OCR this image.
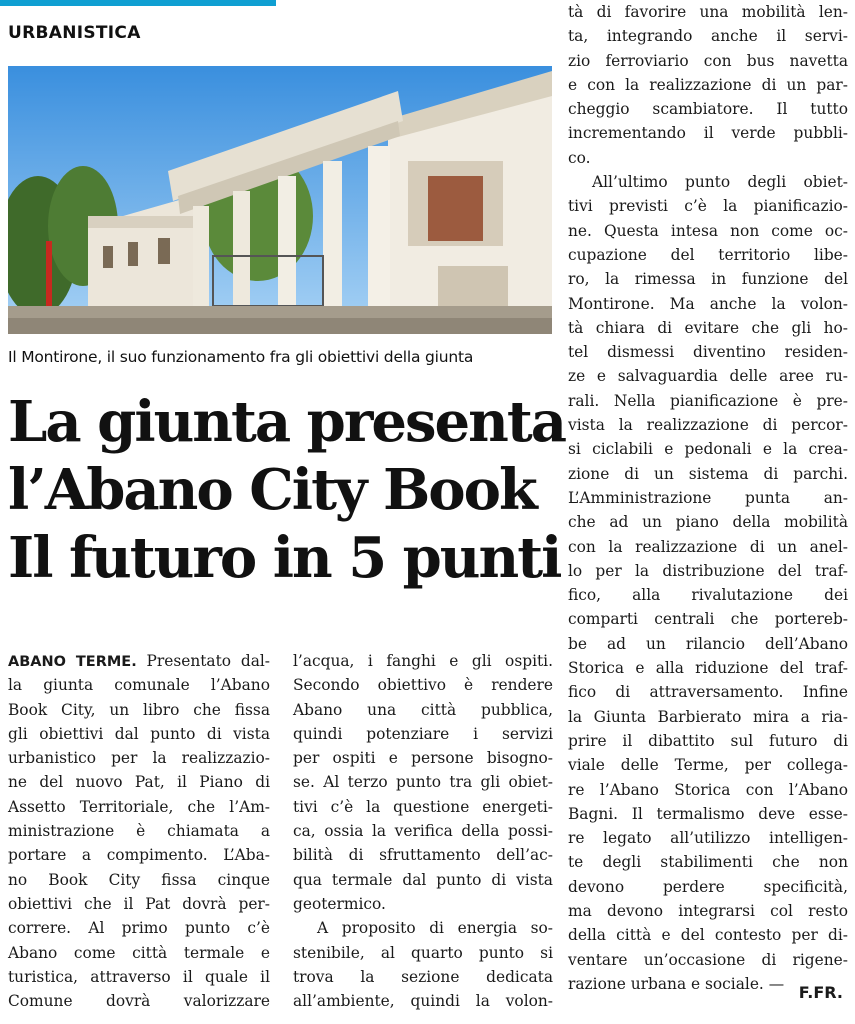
URBANISTICA
Il Montirone, il suo funzionamento fra gli obiettivi della giunta
La giunta presenta
l’Abano City Book
Il futuro in 5 punti
ABANO TERME. Presentato dal-
la giunta comunale l’Abano
Book City, un libro che fissa
gli obiettivi dal punto di vista
urbanistico per la realizzazio-
ne del nuovo Pat, il Piano di
Assetto Territoriale, che l’Am-
ministrazione è chiamata a
portare a compimento. L’Aba-
no Book City fissa cinque
obiettivi che il Pat dovrà per-
correre. Al primo punto c’è
Abano come città termale e
turistica, attraverso il quale il
Comune dovrà valorizzare
l’acqua, i fanghi e gli ospiti.
Secondo obiettivo è rendere
Abano una città pubblica,
quindi potenziare i servizi
per ospiti e persone bisogno-
se. Al terzo punto tra gli obiet-
tivi c’è la questione energeti-
ca, ossia la verifica della possi-
bilità di sfruttamento dell’ac-
qua termale dal punto di vista
geotermico.
A proposito di energia so-
stenibile, al quarto punto si
trova la sezione dedicata
all’ambiente, quindi la volon-
tà di favorire una mobilità len-
ta, integrando anche il servi-
zio ferroviario con bus navetta
e con la realizzazione di un par-
cheggio scambiatore. Il tutto
incrementando il verde pubbli-
co.
All’ultimo punto degli obiet-
tivi previsti c’è la pianificazio-
ne. Questa intesa non come oc-
cupazione del territorio libe-
ro, la rimessa in funzione del
Montirone. Ma anche la volon-
tà chiara di evitare che gli ho-
tel dismessi diventino residen-
ze e salvaguardia delle aree ru-
rali. Nella pianificazione è pre-
vista la realizzazione di percor-
si ciclabili e pedonali e la crea-
zione di un sistema di parchi.
L’Amministrazione punta an-
che ad un piano della mobilità
con la realizzazione di un anel-
lo per la distribuzione del traf-
fico, alla rivalutazione dei
comparti centrali che portereb-
be ad un rilancio dell’Abano
Storica e alla riduzione del traf-
fico di attraversamento. Infine
la Giunta Barbierato mira a ria-
prire il dibattito sul futuro di
viale delle Terme, per collega-
re l’Abano Storica con l’Abano
Bagni. Il termalismo deve esse-
re legato all’utilizzo intelligen-
te degli stabilimenti che non
devono perdere specificità,
ma devono integrarsi col resto
della città e del contesto per di-
ventare un’occasione di rigene-
razione urbana e sociale. — F.FR.
